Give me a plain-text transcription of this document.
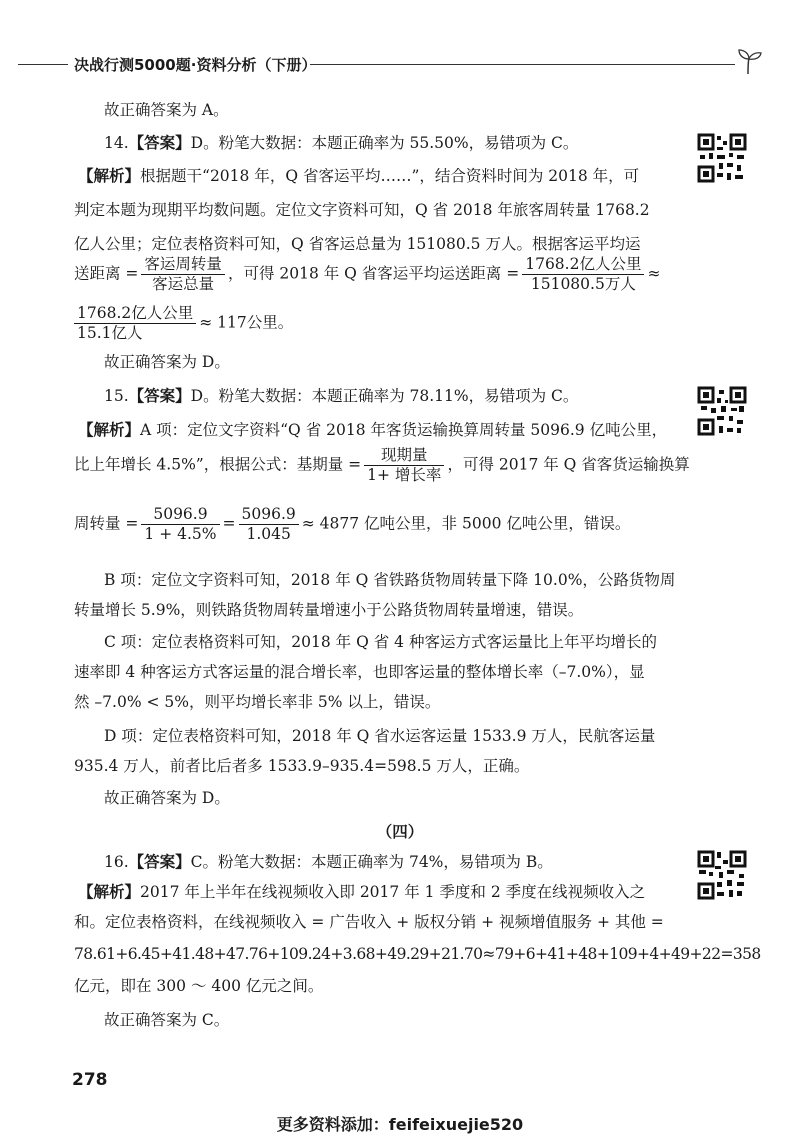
决战行测5000题·资料分析（下册）
故正确答案为 A。
14.【答案】D。粉笔大数据：本题正确率为 55.50%，易错项为 C。
【解析】根据题干“2018 年，Q 省客运平均……”，结合资料时间为 2018 年，可
判定本题为现期平均数问题。定位文字资料可知，Q 省 2018 年旅客周转量 1768.2
亿人公里；定位表格资料可知，Q 省客运总量为 151080.5 万人。根据客运平均运
送距离 = $\frac{\text{客运周转量}}{\text{客运总量}}$ ，可得 2018 年 Q 省客运平均运送距离 = $\frac{\text{1768.2亿人公里}}{\text{151080.5万人}}$ ≈
$\frac{\text{1768.2亿人公里}}{\text{15.1亿人}} \approx 117$公里。
故正确答案为 D。
15.【答案】D。粉笔大数据：本题正确率为 78.11%，易错项为 C。
【解析】A 项：定位文字资料“Q 省 2018 年客货运输换算周转量 5096.9 亿吨公里，
比上年增长 4.5%”，根据公式：基期量 = $\frac{\text{现期量}}{\text{1+ 增长率}}$ ，可得 2017 年 Q 省客货运输换算
周转量 = $\frac{5096.9}{1 + 4.5\%} = \frac{5096.9}{1.045} \approx 4877$ 亿吨公里，非 5000 亿吨公里，错误。
B 项：定位文字资料可知，2018 年 Q 省铁路货物周转量下降 10.0%，公路货物周
转量增长 5.9%，则铁路货物周转量增速小于公路货物周转量增速，错误。
C 项：定位表格资料可知，2018 年 Q 省 4 种客运方式客运量比上年平均增长的
速率即 4 种客运方式客运量的混合增长率，也即客运量的整体增长率（–7.0%），显
然 –7.0% < 5%，则平均增长率非 5% 以上，错误。
D 项：定位表格资料可知，2018 年 Q 省水运客运量 1533.9 万人，民航客运量
935.4 万人，前者比后者多 1533.9–935.4=598.5 万人，正确。
故正确答案为 D。
（四）
16.【答案】C。粉笔大数据：本题正确率为 74%，易错项为 B。
【解析】2017 年上半年在线视频收入即 2017 年 1 季度和 2 季度在线视频收入之
和。定位表格资料，在线视频收入 = 广告收入 + 版权分销 + 视频增值服务 + 其他 =
78.61+6.45+41.48+47.76+109.24+3.68+49.29+21.70≈79+6+41+48+109+4+49+22=358
亿元，即在 300 ～ 400 亿元之间。
故正确答案为 C。
278
更多资料添加：feifeixuejie520
